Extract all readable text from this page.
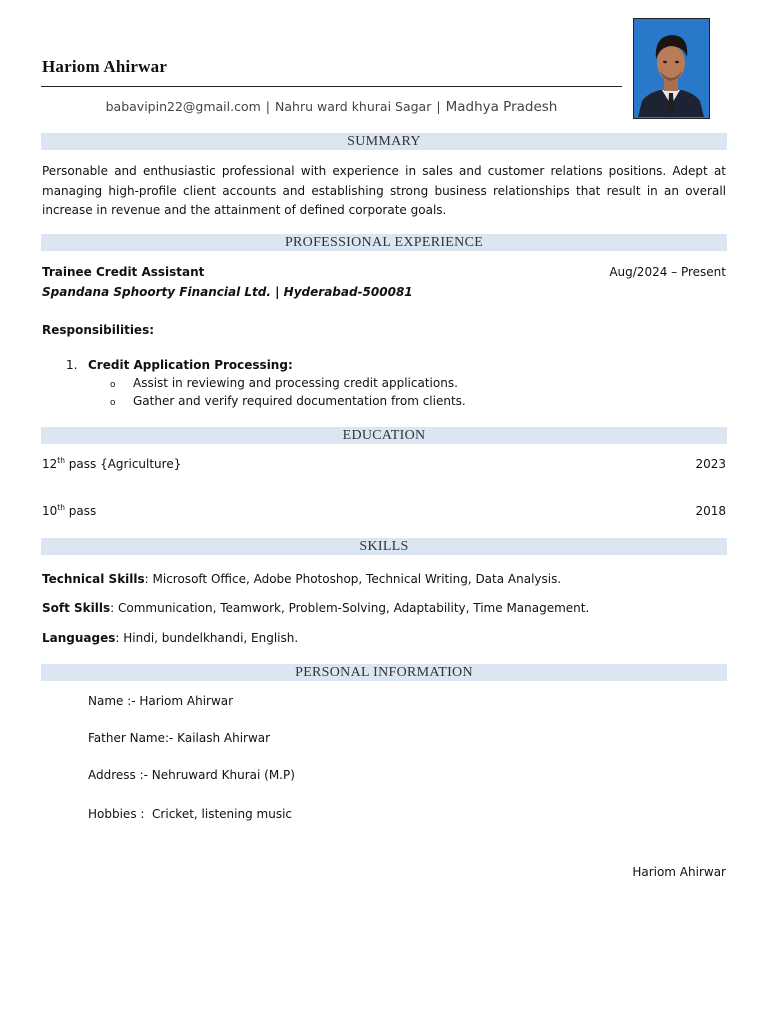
Hariom Ahirwar
babavipin22@gmail.com | Nahru ward khurai Sagar | Madhya Pradesh
SUMMARY
Personable and enthusiastic professional with experience in sales and customer relations positions. Adept at managing high-profile client accounts and establishing strong business relationships that result in an overall increase in revenue and the attainment of defined corporate goals.
PROFESSIONAL EXPERIENCE
Trainee Credit Assistant	Aug/2024 – Present
Spandana Sphoorty Financial Ltd. | Hyderabad-500081
Responsibilities:
1. Credit Application Processing:
o Assist in reviewing and processing credit applications.
o Gather and verify required documentation from clients.
EDUCATION
12th pass {Agriculture}	2023
10th pass	2018
SKILLS
Technical Skills: Microsoft Office, Adobe Photoshop, Technical Writing, Data Analysis.
Soft Skills: Communication, Teamwork, Problem-Solving, Adaptability, Time Management.
Languages: Hindi, bundelkhandi, English.
PERSONAL INFORMATION
Name :- Hariom Ahirwar
Father Name:- Kailash Ahirwar
Address :- Nehruward Khurai (M.P)
Hobbies :  Cricket, listening music
Hariom Ahirwar
